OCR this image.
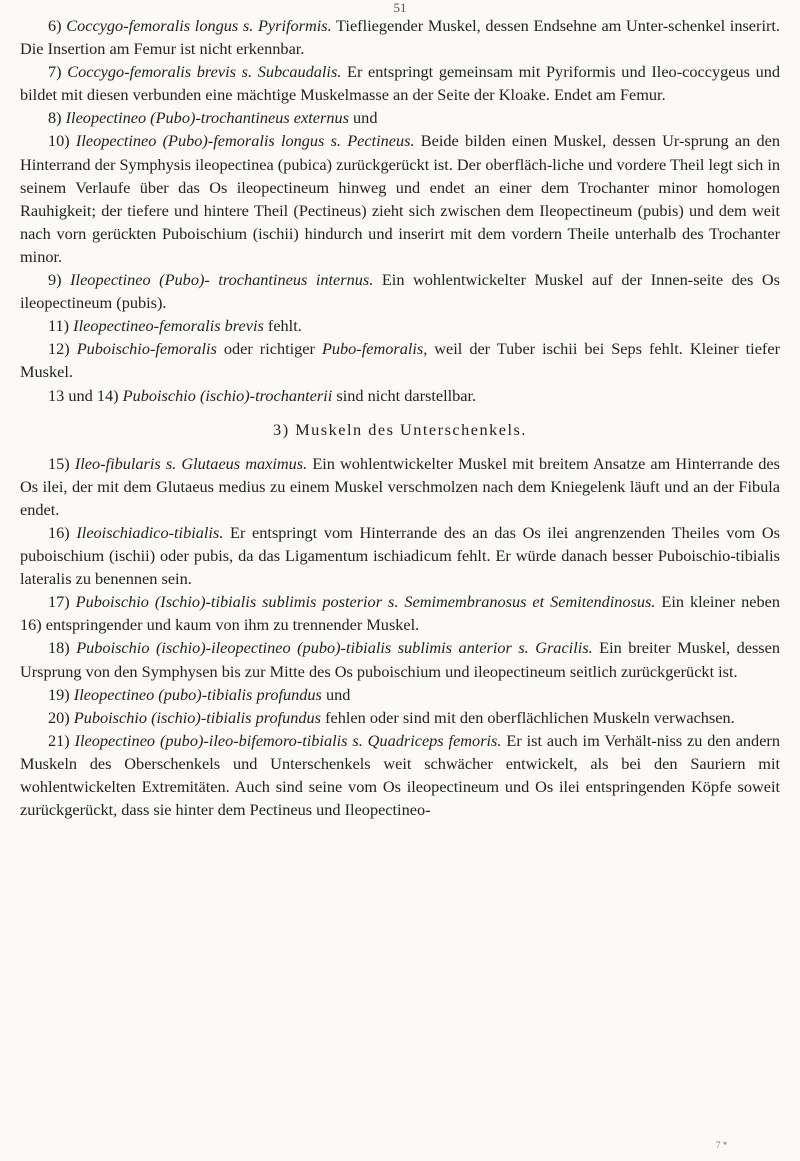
51

6) Coccygo-femoralis longus s. Pyriformis. Tiefliegender Muskel, dessen Endsehne am Unter-schenkel inserirt. Die Insertion am Femur ist nicht erkennbar.

7) Coccygo-femoralis brevis s. Subcaudalis. Er entspringt gemeinsam mit Pyriformis und Ileo-coccygeus und bildet mit diesen verbunden eine mächtige Muskelmasse an der Seite der Kloake. Endet am Femur.

8) Ileopectineo (Pubo)-trochantineus externus und

10) Ileopectineo (Pubo)-femoralis longus s. Pectineus. Beide bilden einen Muskel, dessen Ur-sprung an den Hinterrand der Symphysis ileopectinea (pubica) zurückgerückt ist. Der oberfläch-liche und vordere Theil legt sich in seinem Verlaufe über das Os ileopectineum hinweg und endet an einer dem Trochanter minor homologen Rauhigkeit; der tiefere und hintere Theil (Pectineus) zieht sich zwischen dem Ileopectineum (pubis) und dem weit nach vorn gerückten Puboischium (ischii) hindurch und inserirt mit dem vordern Theile unterhalb des Trochanter minor.

9) Ileopectineo (Pubo)- trochantineus internus. Ein wohlentwickelter Muskel auf der Innen-seite des Os ileopectineum (pubis).

11) Ileopectineo-femoralis brevis fehlt.

12) Puboischio-femoralis oder richtiger Pubo-femoralis, weil der Tuber ischii bei Seps fehlt. Kleiner tiefer Muskel.

13 und 14) Puboischio (ischio)-trochanterii sind nicht darstellbar.

3) Muskeln des Unterschenkels.

15) Ileo-fibularis s. Glutaeus maximus. Ein wohlentwickelter Muskel mit breitem Ansatze am Hinterrande des Os ilei, der mit dem Glutaeus medius zu einem Muskel verschmolzen nach dem Kniegelenk läuft und an der Fibula endet.

16) Ileoischiadico-tibialis. Er entspringt vom Hinterrande des an das Os ilei angrenzenden Theiles vom Os puboischium (ischii) oder pubis, da das Ligamentum ischiadicum fehlt. Er würde danach besser Puboischio-tibialis lateralis zu benennen sein.

17) Puboischio (Ischio)-tibialis sublimis posterior s. Semimembranosus et Semitendinosus. Ein kleiner neben 16) entspringender und kaum von ihm zu trennender Muskel.

18) Puboischio (ischio)-ileopectineo (pubo)-tibialis sublimis anterior s. Gracilis. Ein breiter Muskel, dessen Ursprung von den Symphysen bis zur Mitte des Os puboischium und ileopectineum seitlich zurückgerückt ist.

19) Ileopectineo (pubo)-tibialis profundus und

20) Puboischio (ischio)-tibialis profundus fehlen oder sind mit den oberflächlichen Muskeln verwachsen.

21) Ileopectineo (pubo)-ileo-bifemoro-tibialis s. Quadriceps femoris. Er ist auch im Verhält-niss zu den andern Muskeln des Oberschenkels und Unterschenkels weit schwächer entwickelt, als bei den Sauriern mit wohlentwickelten Extremitäten. Auch sind seine vom Os ileopectineum und Os ilei entspringenden Köpfe soweit zurückgerückt, dass sie hinter dem Pectineus und Ileopectineo-

7 *
